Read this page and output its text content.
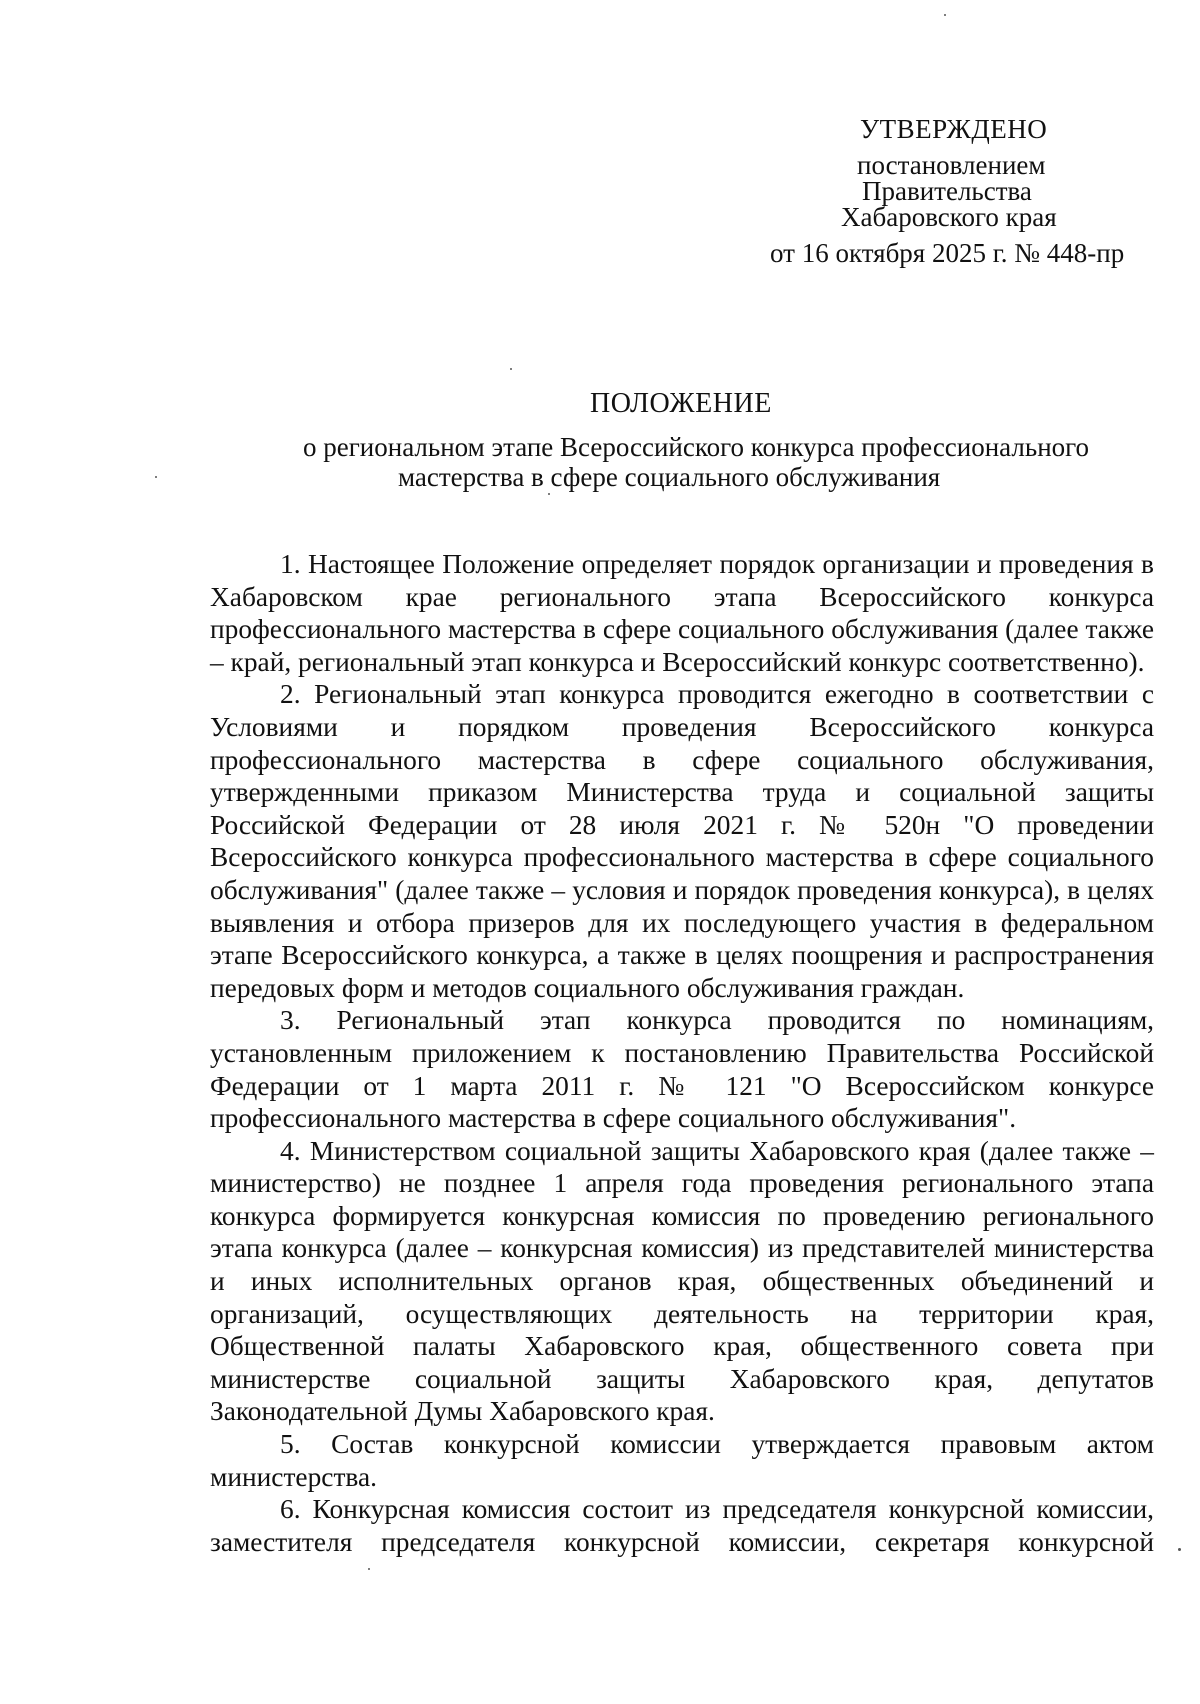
УТВЕРЖДЕНО
постановлением
Правительства
Хабаровского края
от 16 октября 2025 г. № 448-пр
ПОЛОЖЕНИЕ
о региональном этапе Всероссийского конкурса профессионального
мастерства в сфере социального обслуживания

1. Настоящее Положение определяет порядок организации и проведения в Хабаровском крае регионального этапа Всероссийского конкурса профессионального мастерства в сфере социального обслуживания (далее также – край, региональный этап конкурса и Всероссийский конкурс соответственно).

2. Региональный этап конкурса проводится ежегодно в соответствии с Условиями и порядком проведения Всероссийского конкурса профессионального мастерства в сфере социального обслуживания, утвержденными приказом Министерства труда и социальной защиты Российской Федерации от 28 июля 2021 г. № 520н "О проведении Всероссийского конкурса профессионального мастерства в сфере социального обслуживания" (далее также – условия и порядок проведения конкурса), в целях выявления и отбора призеров для их последующего участия в федеральном этапе Всероссийского конкурса, а также в целях поощрения и распространения передовых форм и методов социального обслуживания граждан.

3. Региональный этап конкурса проводится по номинациям, установленным приложением к постановлению Правительства Российской Федерации от 1 марта 2011 г. № 121 "О Всероссийском конкурсе профессионального мастерства в сфере социального обслуживания".

4. Министерством социальной защиты Хабаровского края (далее также – министерство) не позднее 1 апреля года проведения регионального этапа конкурса формируется конкурсная комиссия по проведению регионального этапа конкурса (далее – конкурсная комиссия) из представителей министерства и иных исполнительных органов края, общественных объединений и организаций, осуществляющих деятельность на территории края, Общественной палаты Хабаровского края, общественного совета при министерстве социальной защиты Хабаровского края, депутатов Законодательной Думы Хабаровского края.

5. Состав конкурсной комиссии утверждается правовым актом министерства.

6. Конкурсная комиссия состоит из председателя конкурсной комиссии, заместителя председателя конкурсной комиссии, секретаря конкурсной
